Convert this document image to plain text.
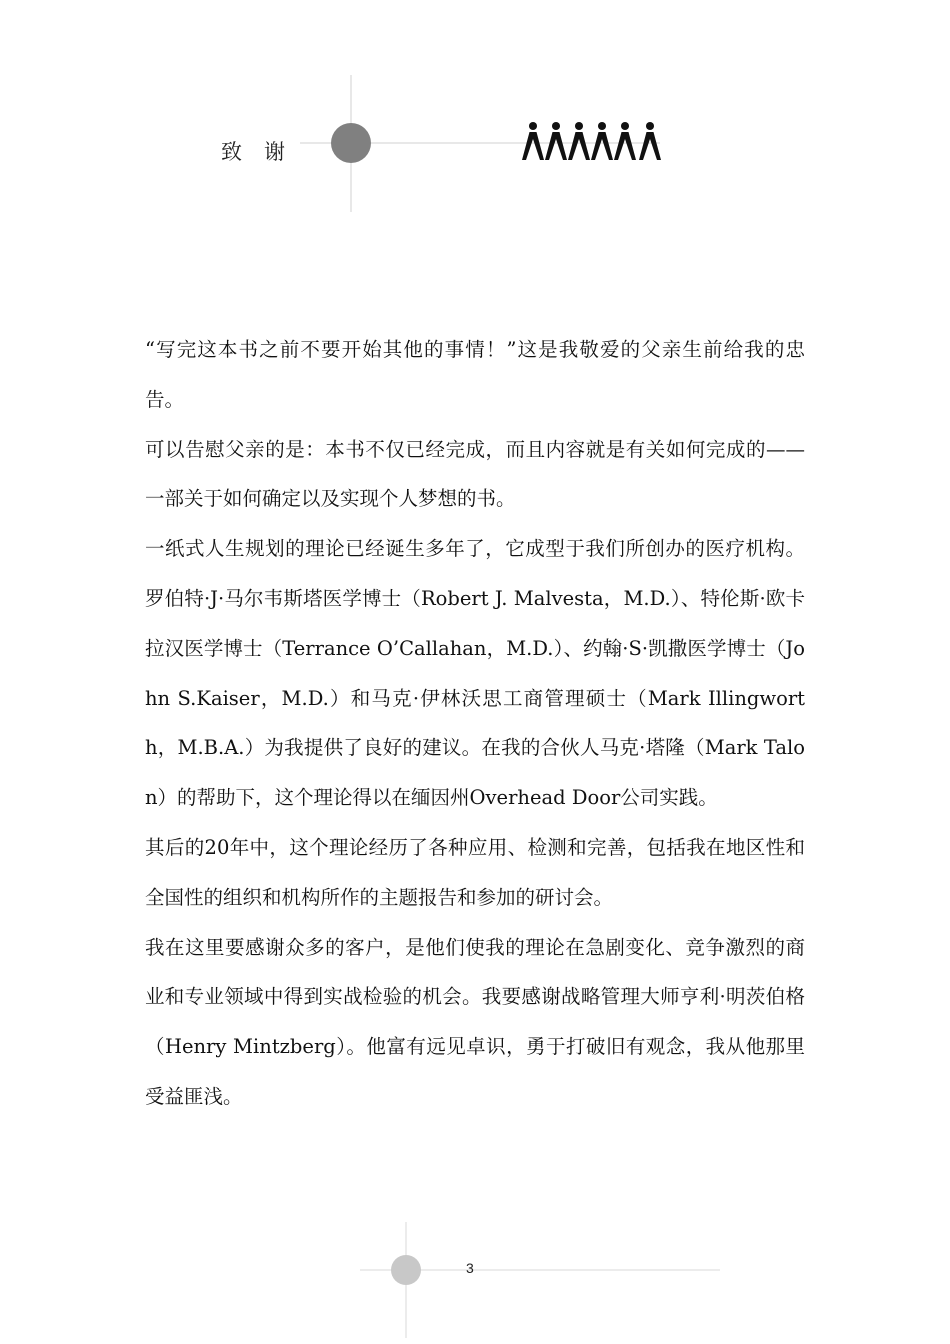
致谢

“写完这本书之前不要开始其他的事情！”这是我敬爱的父亲生前给我的忠告。

可以告慰父亲的是：本书不仅已经完成，而且内容就是有关如何完成的——一部关于如何确定以及实现个人梦想的书。

一纸式人生规划的理论已经诞生多年了，它成型于我们所创办的医疗机构。罗伯特·J·马尔韦斯塔医学博士（Robert J. Malvesta，M.D.）、特伦斯·欧卡拉汉医学博士（Terrance O’Callahan，M.D.）、约翰·S·凯撒医学博士（John S.Kaiser，M.D.）和马克·伊林沃思工商管理硕士（Mark Illingworth，M.B.A.）为我提供了良好的建议。在我的合伙人马克·塔隆（Mark Talon）的帮助下，这个理论得以在缅因州Overhead Door公司实践。

其后的20年中，这个理论经历了各种应用、检测和完善，包括我在地区性和全国性的组织和机构所作的主题报告和参加的研讨会。

我在这里要感谢众多的客户，是他们使我的理论在急剧变化、竞争激烈的商业和专业领域中得到实战检验的机会。我要感谢战略管理大师亨利·明茨伯格（Henry Mintzberg）。他富有远见卓识，勇于打破旧有观念，我从他那里受益匪浅。

3
